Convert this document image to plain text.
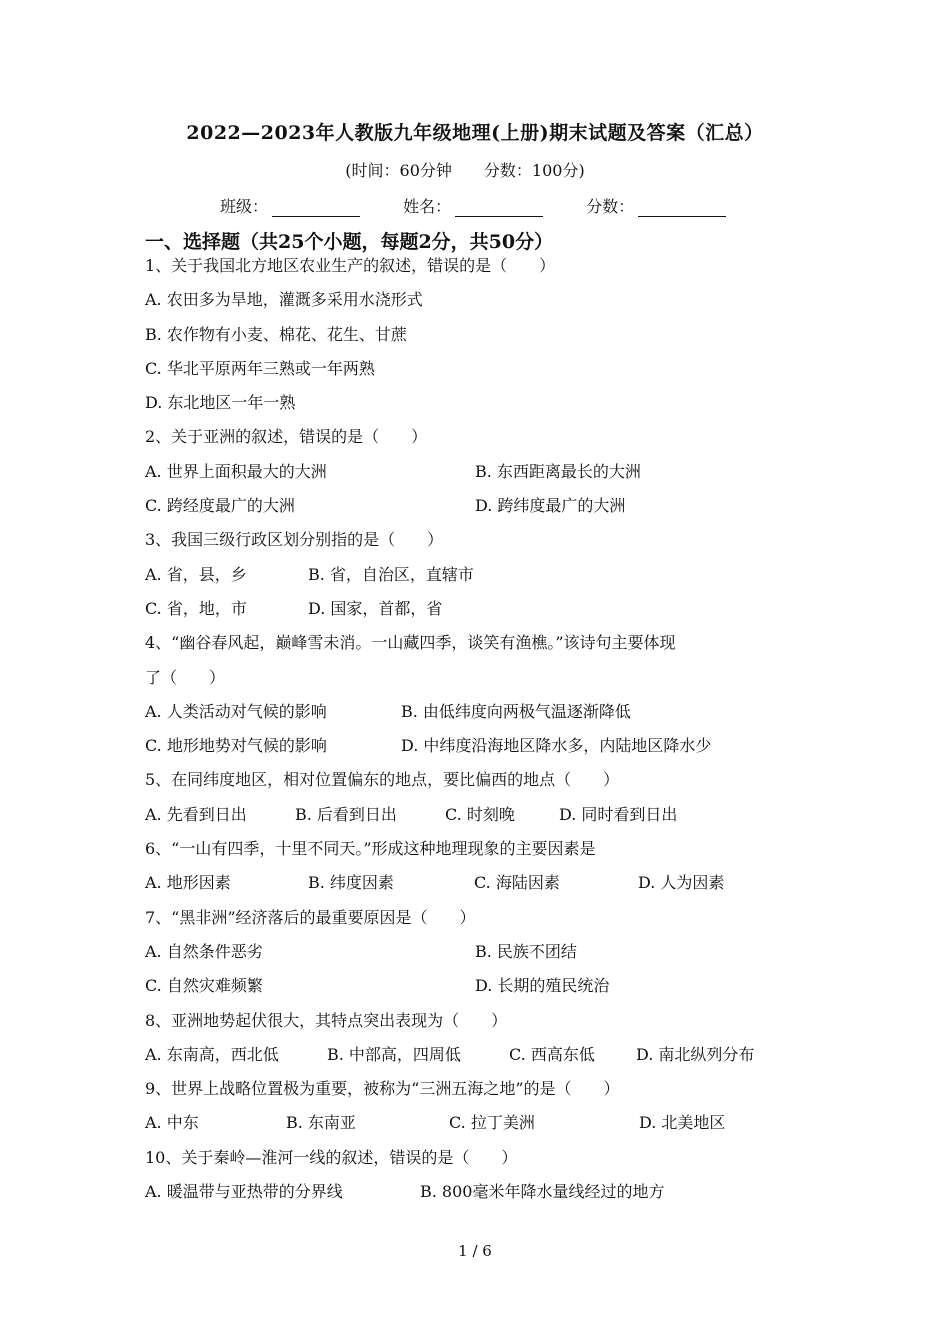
2022—2023年人教版九年级地理(上册)期末试题及答案（汇总）
(时间：60分钟 分数：100分)
班级：	姓名：	分数：
一、选择题（共25个小题，每题2分，共50分）
1、关于我国北方地区农业生产的叙述，错误的是（　　）
A. 农田多为旱地，灌溉多采用水浇形式
B. 农作物有小麦、棉花、花生、甘蔗
C. 华北平原两年三熟或一年两熟
D. 东北地区一年一熟
2、关于亚洲的叙述，错误的是（　　）
A. 世界上面积最大的大洲	B. 东西距离最长的大洲
C. 跨经度最广的大洲	D. 跨纬度最广的大洲
3、我国三级行政区划分别指的是（　　）
A. 省，县，乡	B. 省，自治区，直辖市
C. 省，地，市	D. 国家，首都，省
4、“幽谷春风起，巅峰雪未消。一山藏四季，谈笑有渔樵。”该诗句主要体现
了（　　）
A. 人类活动对气候的影响	B. 由低纬度向两极气温逐渐降低
C. 地形地势对气候的影响	D. 中纬度沿海地区降水多，内陆地区降水少
5、在同纬度地区，相对位置偏东的地点，要比偏西的地点（　　）
A. 先看到日出	B. 后看到日出	C. 时刻晚	D. 同时看到日出
6、“一山有四季，十里不同天。”形成这种地理现象的主要因素是
A. 地形因素	B. 纬度因素	C. 海陆因素	D. 人为因素
7、“黑非洲”经济落后的最重要原因是（　　）
A. 自然条件恶劣	B. 民族不团结
C. 自然灾难频繁	D. 长期的殖民统治
8、亚洲地势起伏很大，其特点突出表现为（　　）
A. 东南高，西北低	B. 中部高，四周低	C. 西高东低	D. 南北纵列分布
9、世界上战略位置极为重要，被称为“三洲五海之地”的是（　　）
A. 中东	B. 东南亚	C. 拉丁美洲	D. 北美地区
10、关于秦岭—淮河一线的叙述，错误的是（　　）
A. 暖温带与亚热带的分界线	B. 800毫米年降水量线经过的地方
1 / 6
